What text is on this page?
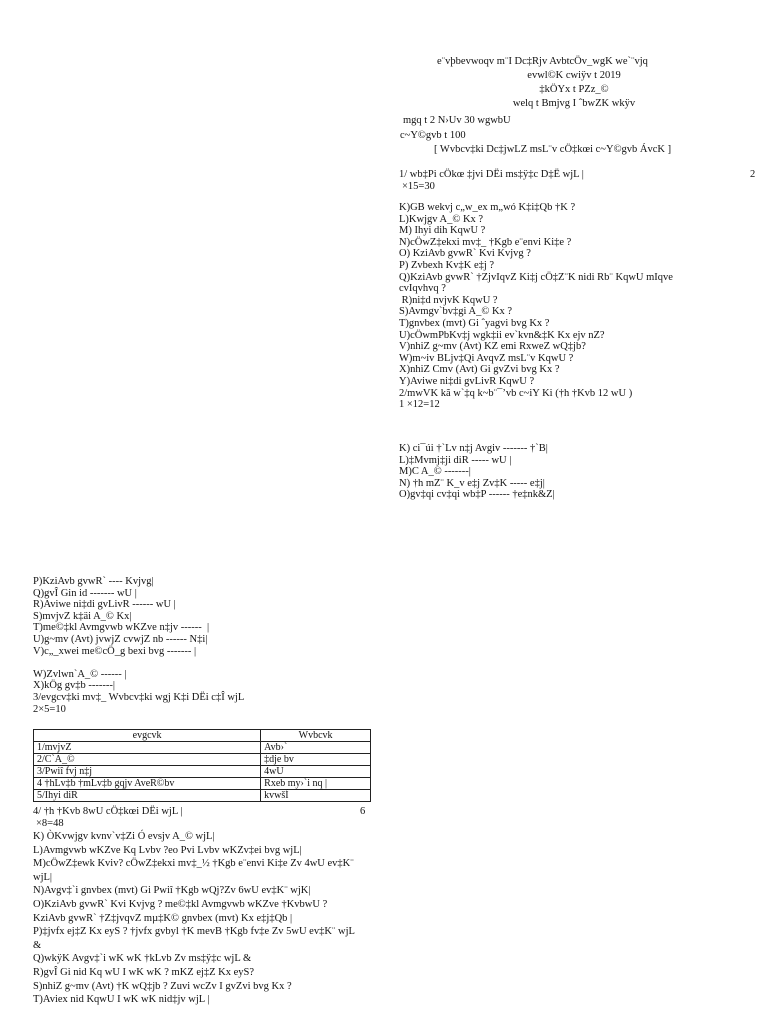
e¨vþbevwoqv m¨I Dc‡Rjv AvbtcÖv_wgK we`¨vjq
evwl©K cwiÿv t 2019
‡kÖYx t PZz_©
welq t Bmjvg I ˆbwZK wkÿv
mgq t 2 N›Uv 30 wgwbU
c~Y©gvb t 100
[ Wvbcv‡ki Dc‡jwLZ msL¨v cÖ‡kœi c~Y©gvb ÁvcK ]
1/ wb‡Pi cÖkœ ‡jvi DËi ms‡ÿ‡c D‡Ë wjL |	2
×15=30
K)GB wekvj c„w_ex m„wó K‡i‡Qb †K ?
L)Kwjgv A_© Kx ?
M) Ihyi dih KqwU ?
N)cÖwZ‡ekxi mv‡_ †Kgb e¨envi Ki‡e ?
O) KziAvb gvwR` Kvi Kvjvg ?
P) Zvbexh Kv‡K e‡j ?
Q)KziAvb gvwR` †ZjvIqvZ Ki‡j cÖ‡Z¨K nidi Rb¨ KqwU mIqve
cvIqvhvq ?
R)ni‡d nvjvK KqwU ?
S)Avmgv`bv‡gi A_© Kx ?
T)gnvbex (mvt) Gi ˆyagvi bvg Kx ?
U)cÖwmPbKv‡j wgk‡ii ev`kvn&‡K Kx ejv nZ?
V)nhiZ g~mv (Avt) KZ emi RxweZ wQ‡jb?
W)m~iv BLjv‡Qi AvqvZ msL¨v KqwU ?
X)nhiZ Cmv (Avt) Gi gvZvi bvg Kx ?
Y)Aviwe ni‡di gvLivR KqwU ?
2/mwVK kã w`‡q k~b¨¯’vb c~iY Ki (†h †Kvb 12 wU )
1 ×12=12
K) ci¯úi †`Lv n‡j Avgiv ------- †`B|
L)‡Mvmj‡ji diR ----- wU |
M)C A_© -------|
N) †h mZ¨ K_v e‡j Zv‡K ----- e‡j|
O)gv‡qi cv‡qi wb‡P ------ †e‡nk&Z|
P)KziAvb gvwR` ---- Kvjvg|
Q)gvÎ Gin id ------- wU |
R)Aviwe ni‡di gvLivR ------ wU |
S)mvjvZ k‡äi A_© Kx|
T)me©‡kl Avmgvwb wKZve n‡jv ------  |
U)g~mv (Avt) jvwjZ cvwjZ nb ------ N‡i|
V)c„_xwei me©cÖ_g bexi bvg ------- |
W)Zvlwn`A_© ------ |
X)kÖg gv‡b -------|
3/evgcv‡ki mv‡_ Wvbcv‡ki wgj K‡i DËi c‡Î wjL
2×5=10
evgcvk	Wvbcvk
1/mvjvZ	Avb›`
2/C`A_©	‡dje bv
3/Pwiî fvj n‡j	4wU
4 †hLv‡b †mLv‡b gqjv AveR©bv	Rxeb my›`i nq |
5/Ihyi diR	kvwšÍ
4/ †h †Kvb 8wU cÖ‡kœi DËi wjL |	6
×8=48
K) ÒKvwjgv kvnv`v‡Zi Ó evsjv A_© wjL|
L)Avmgvwb wKZve Kq Lvbv ?eo Pvi Lvbv wKZv‡ei bvg wjL|
M)cÖwZ‡ewk Kviv? cÖwZ‡ekxi mv‡_½ †Kgb e¨envi Ki‡e Zv 4wU ev‡K¨
wjL|
N)Avgv‡`i gnvbex (mvt) Gi Pwiî †Kgb wQj?Zv 6wU ev‡K¨ wjK|
O)KziAvb gvwR` Kvi Kvjvg ? me©‡kl Avmgvwb wKZve †KvbwU ?
KziAvb gvwR` †Z‡jvqvZ mµ‡K© gnvbex (mvt) Kx e‡j‡Qb |
P)‡jvfx ej‡Z Kx eyS ? †jvfx gvbyl †K mevB †Kgb fv‡e Zv 5wU ev‡K¨ wjL
&
Q)wkÿK Avgv‡`i wK wK †kLvb Zv ms‡ÿ‡c wjL &
R)gvÎ Gi nid Kq wU I wK wK ? mKZ ej‡Z Kx eyS?
S)nhiZ g~mv (Avt) †K wQ‡jb ? Zuvi wcZv I gvZvi bvg Kx ?
T)Aviex nid KqwU I wK wK nid‡jv wjL |
